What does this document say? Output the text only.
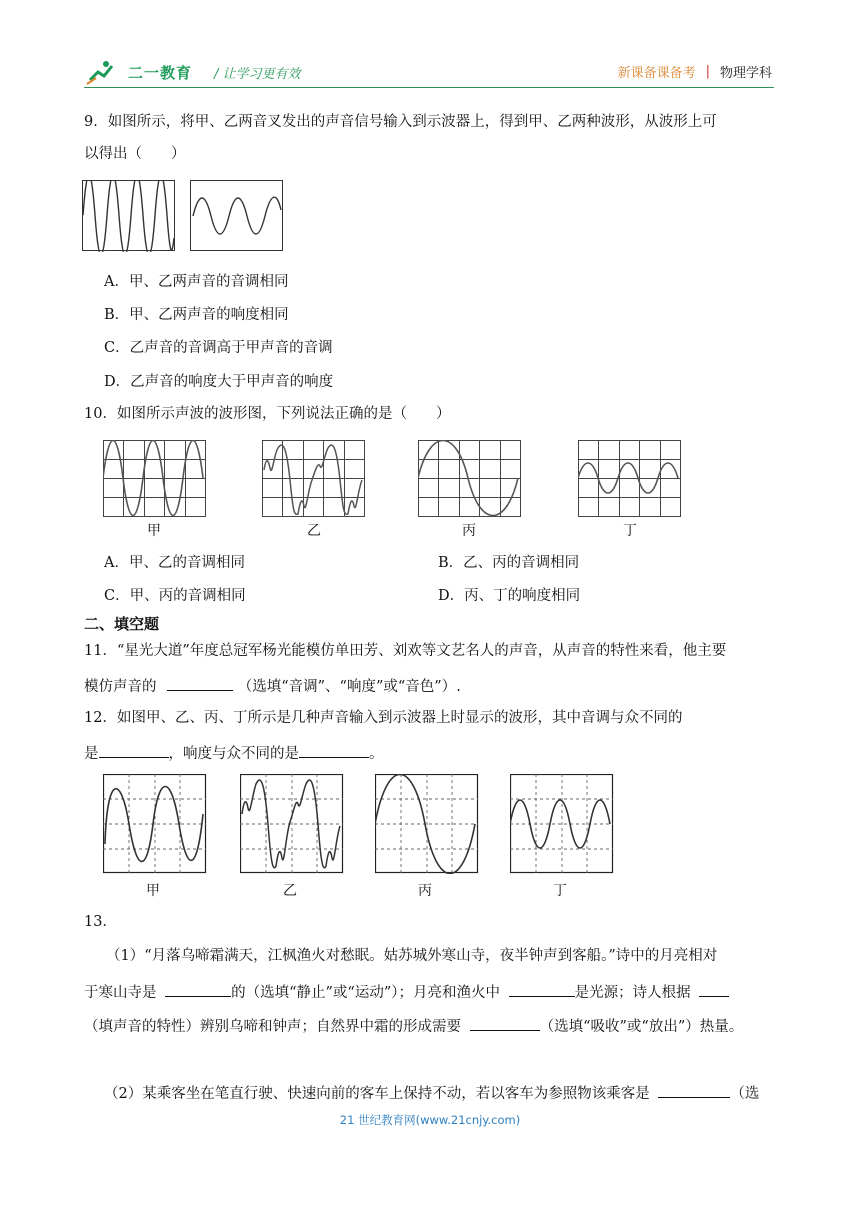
二一教育 / 让学习更有效	新课备课备考 | 物理学科
9．如图所示，将甲、乙两音叉发出的声音信号输入到示波器上，得到甲、乙两种波形，从波形上可
以得出（　　）
A．甲、乙两声音的音调相同
B．甲、乙两声音的响度相同
C．乙声音的音调高于甲声音的音调
D．乙声音的响度大于甲声音的响度
10．如图所示声波的波形图，下列说法正确的是（　　）
甲	乙	丙	丁
A．甲、乙的音调相同	B．乙、丙的音调相同
C．甲、丙的音调相同	D．丙、丁的响度相同
二、填空题
11．“星光大道”年度总冠军杨光能模仿单田芳、刘欢等文艺名人的声音，从声音的特性来看，他主要
模仿声音的	（选填“音调”、“响度”或“音色”）.
12．如图甲、乙、丙、丁所示是几种声音输入到示波器上时显示的波形，其中音调与众不同的
是	，响度与众不同的是	。
甲	乙	丙	丁
13．
（1）“月落乌啼霜满天，江枫渔火对愁眠。姑苏城外寒山寺，夜半钟声到客船。”诗中的月亮相对
于寒山寺是	的（选填“静止”或“运动”）；月亮和渔火中	是光源；诗人根据
（填声音的特性）辨别乌啼和钟声；自然界中霜的形成需要	（选填“吸收”或“放出”）热量。
（2）某乘客坐在笔直行驶、快速向前的客车上保持不动，若以客车为参照物该乘客是	（选
21 世纪教育网(www.21cnjy.com)
